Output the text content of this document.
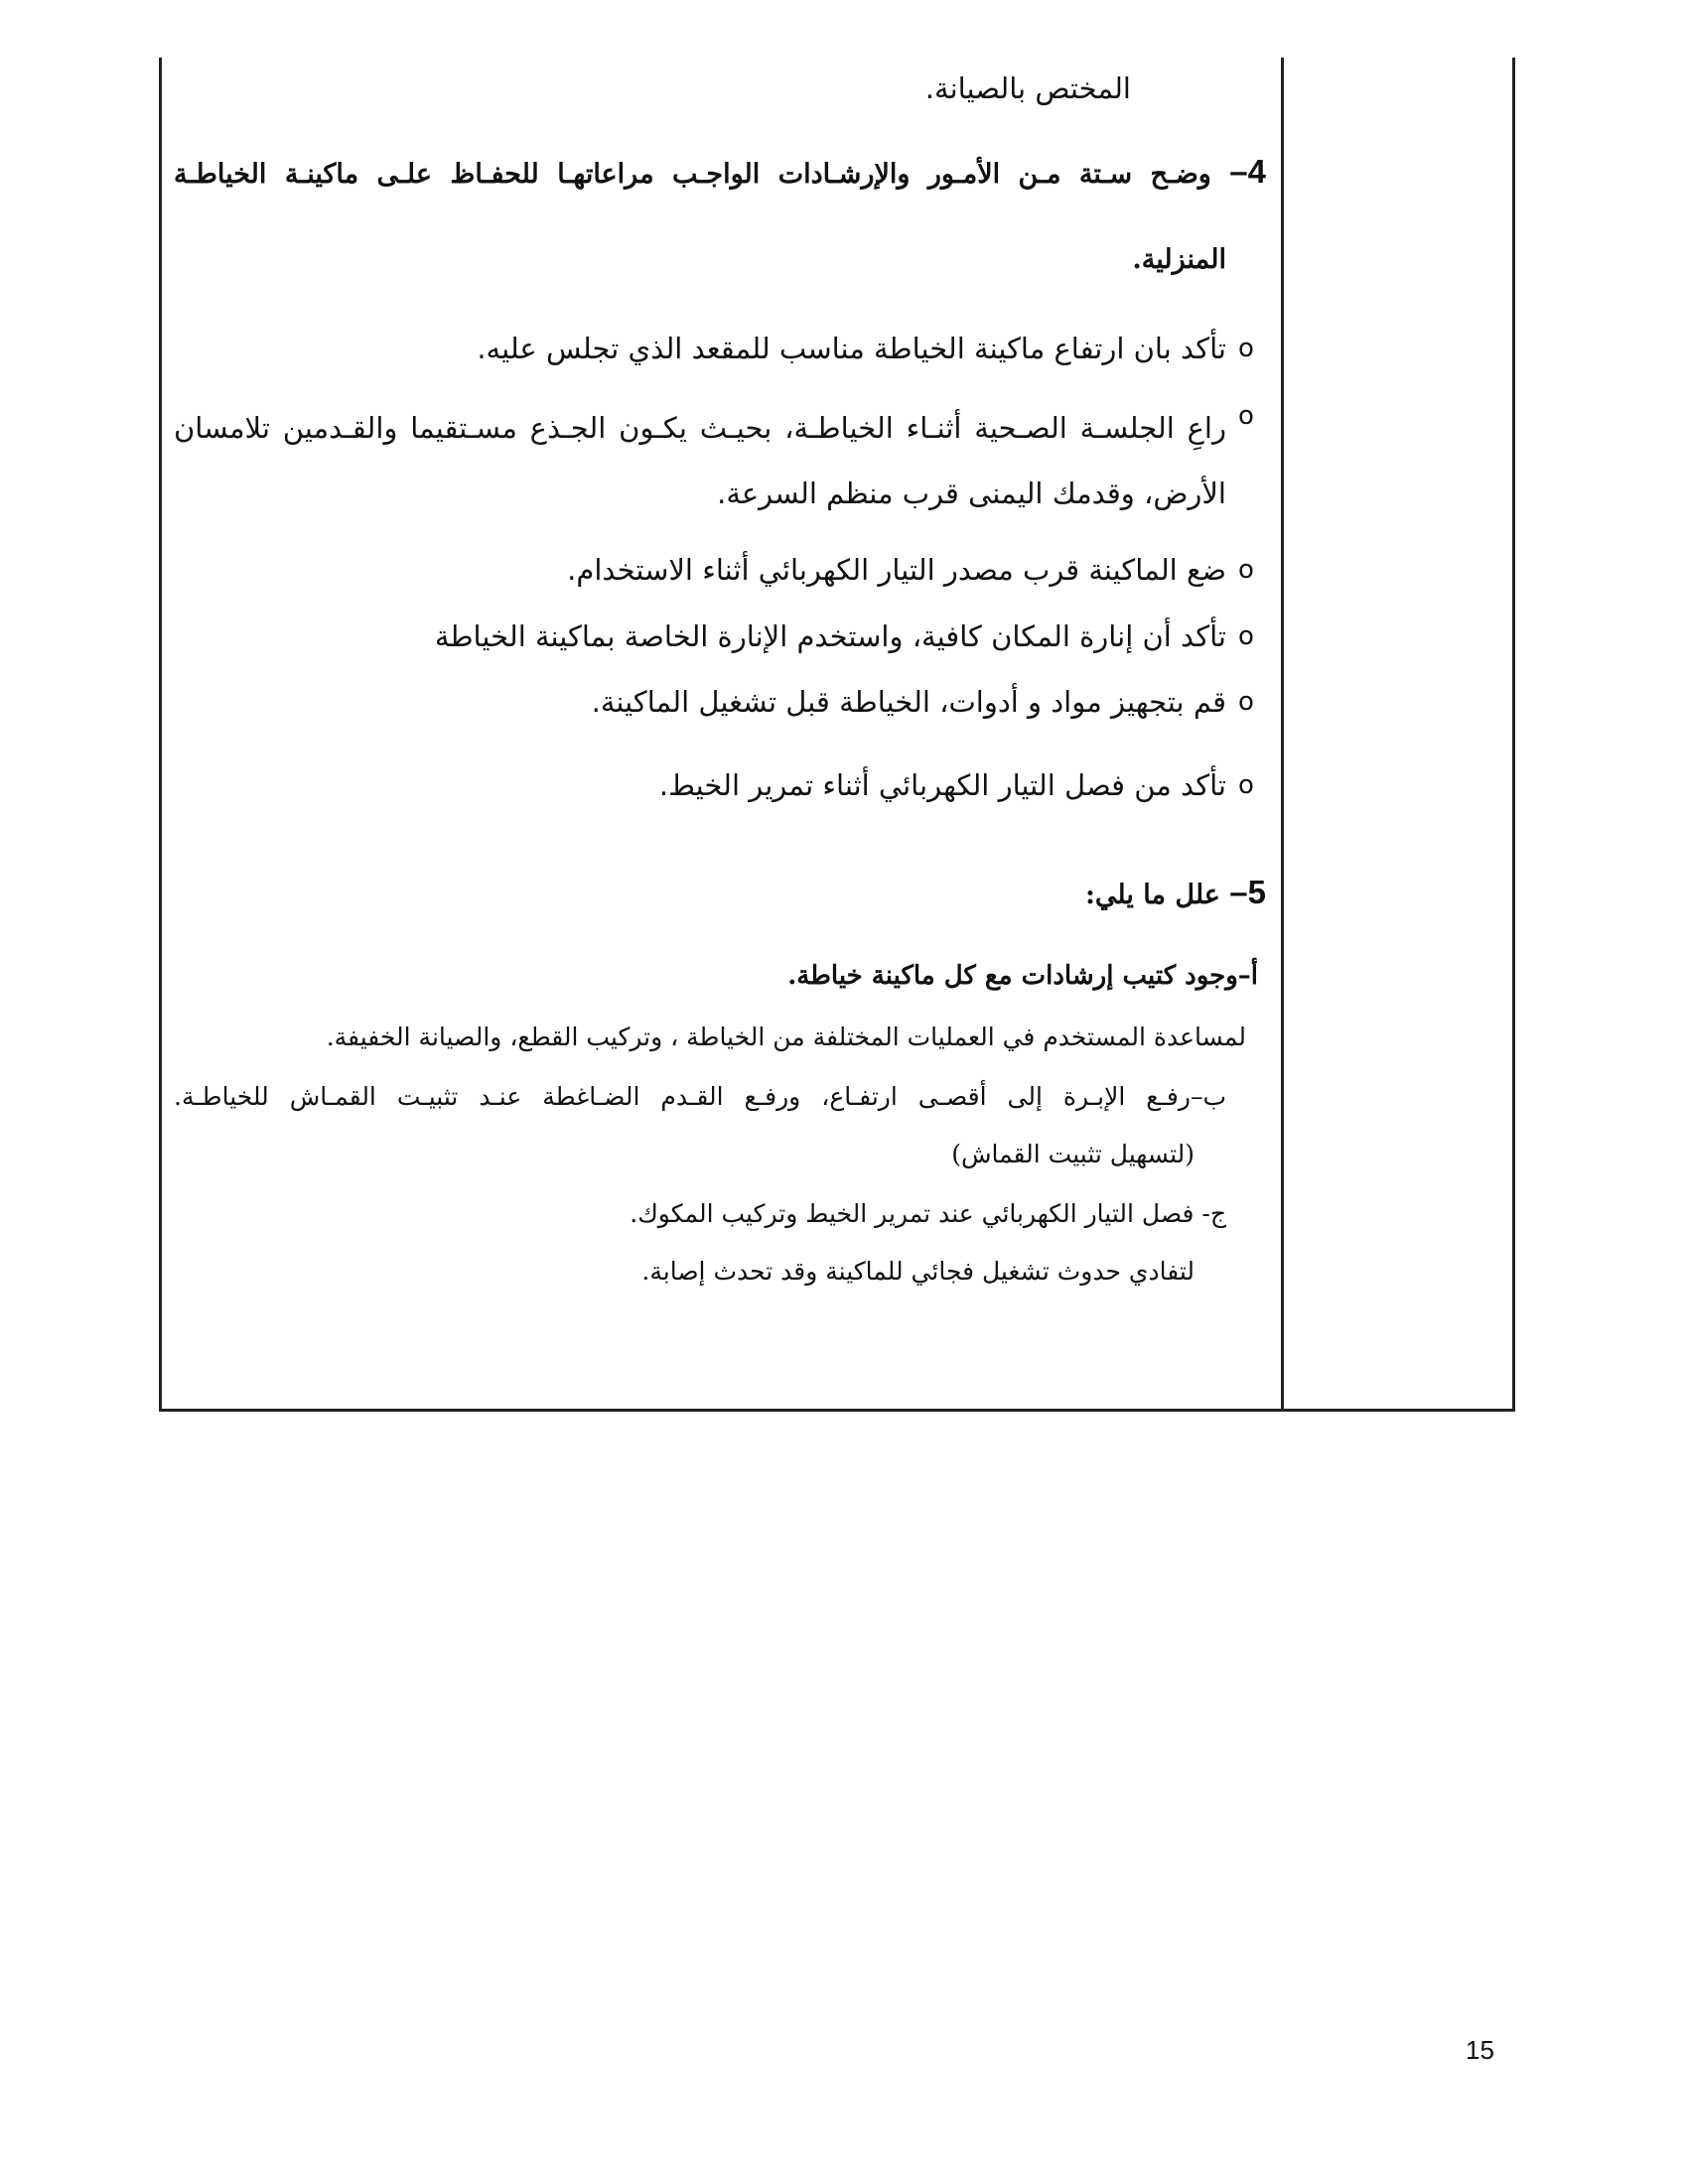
المختص بالصيانة.
4– وضـح سـتة مـن الأمـور والإرشـادات الواجـب مراعاتهـا للحفـاظ علـى ماكينـة الخياطـة
المنزلية.
o
تأكد بان ارتفاع ماكينة الخياطة مناسب للمقعد الذي تجلس عليه.
o
راعِ الجلسـة الصـحية أثنـاء الخياطـة، بحيـث يكـون الجـذع مسـتقيما والقـدمين تلامسان الأرض، وقدمك اليمنى قرب منظم السرعة.
o
ضع الماكينة قرب مصدر التيار الكهربائي أثناء الاستخدام.
o
تأكد أن إنارة المكان كافية، واستخدم الإنارة الخاصة بماكينة الخياطة
o
قم بتجهيز مواد و أدوات، الخياطة قبل تشغيل الماكينة.
o
تأكد من فصل التيار الكهربائي أثناء تمرير الخيط.
5– علل ما يلي:
أ–وجود كتيب إرشادات مع كل ماكينة خياطة.
لمساعدة المستخدم في العمليات المختلفة من الخياطة ، وتركيب القطع، والصيانة الخفيفة.
ب–رفـع الإبـرة إلى أقصـى ارتفـاع، ورفـع القـدم الضـاغطة عنـد تثبيـت القمـاش للخياطـة.
(لتسهيل تثبيت القماش)
ج- فصل التيار الكهربائي عند تمرير الخيط وتركيب المكوك.
لتفادي حدوث تشغيل فجائي للماكينة وقد تحدث إصابة.
15
